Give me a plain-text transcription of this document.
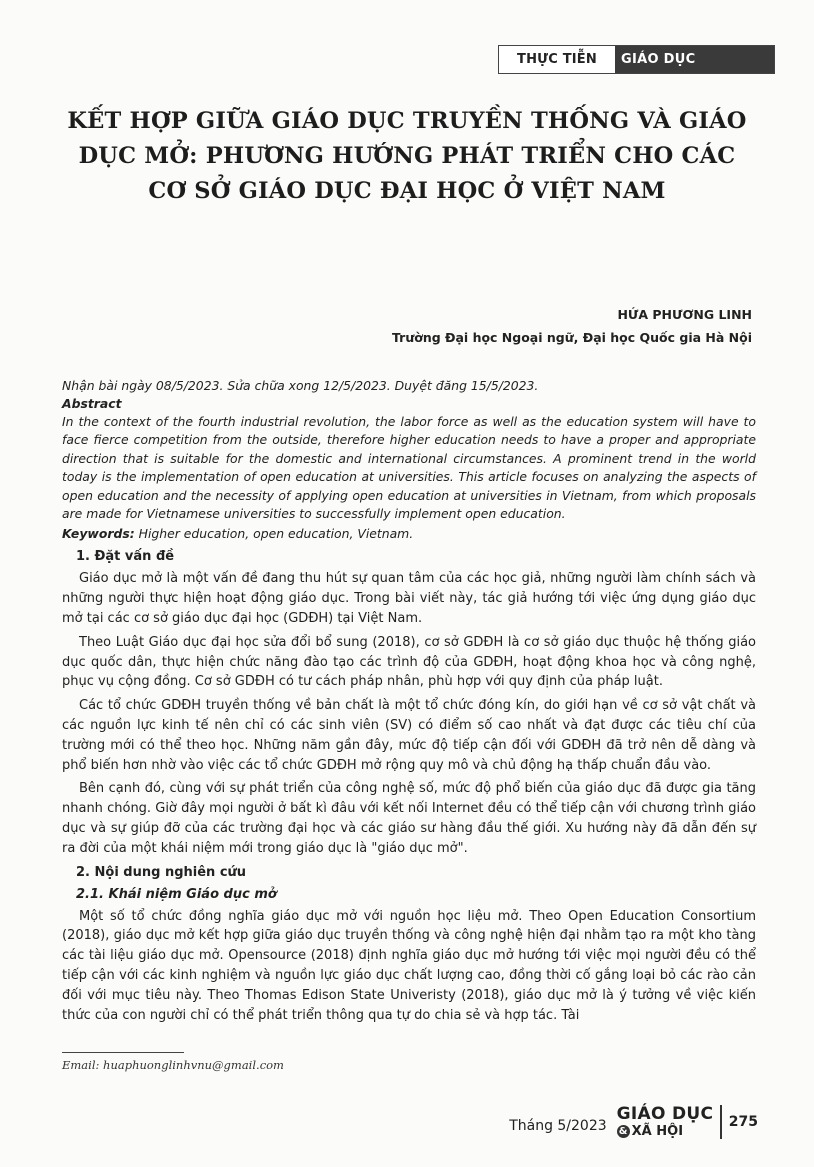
THỰC TIỄN	GIÁO DỤC
KẾT HỢP GIỮA GIÁO DỤC TRUYỀN THỐNG VÀ GIÁO DỤC MỞ: PHƯƠNG HƯỚNG PHÁT TRIỂN CHO CÁC CƠ SỞ GIÁO DỤC ĐẠI HỌC Ở VIỆT NAM
HỨA PHƯƠNG LINH
Trường Đại học Ngoại ngữ, Đại học Quốc gia Hà Nội

Nhận bài ngày 08/5/2023. Sửa chữa xong 12/5/2023. Duyệt đăng 15/5/2023.

Abstract

In the context of the fourth industrial revolution, the labor force as well as the education system will have to face fierce competition from the outside, therefore higher education needs to have a proper and appropriate direction that is suitable for the domestic and international circumstances. A prominent trend in the world today is the implementation of open education at universities. This article focuses on analyzing the aspects of open education and the necessity of applying open education at universities in Vietnam, from which proposals are made for Vietnamese universities to successfully implement open education.

Keywords: Higher education, open education, Vietnam.

1. Đặt vấn đề

Giáo dục mở là một vấn đề đang thu hút sự quan tâm của các học giả, những người làm chính sách và những người thực hiện hoạt động giáo dục. Trong bài viết này, tác giả hướng tới việc ứng dụng giáo dục mở tại các cơ sở giáo dục đại học (GDĐH) tại Việt Nam.

Theo Luật Giáo dục đại học sửa đổi bổ sung (2018), cơ sở GDĐH là cơ sở giáo dục thuộc hệ thống giáo dục quốc dân, thực hiện chức năng đào tạo các trình độ của GDĐH, hoạt động khoa học và công nghệ, phục vụ cộng đồng. Cơ sở GDĐH có tư cách pháp nhân, phù hợp với quy định của pháp luật.

Các tổ chức GDĐH truyền thống về bản chất là một tổ chức đóng kín, do giới hạn về cơ sở vật chất và các nguồn lực kinh tế nên chỉ có các sinh viên (SV) có điểm số cao nhất và đạt được các tiêu chí của trường mới có thể theo học. Những năm gần đây, mức độ tiếp cận đối với GDĐH đã trở nên dễ dàng và phổ biến hơn nhờ vào việc các tổ chức GDĐH mở rộng quy mô và chủ động hạ thấp chuẩn đầu vào.

Bên cạnh đó, cùng với sự phát triển của công nghệ số, mức độ phổ biến của giáo dục đã được gia tăng nhanh chóng. Giờ đây mọi người ở bất kì đâu với kết nối Internet đều có thể tiếp cận với chương trình giáo dục và sự giúp đỡ của các trường đại học và các giáo sư hàng đầu thế giới. Xu hướng này đã dẫn đến sự ra đời của một khái niệm mới trong giáo dục là "giáo dục mở".

2. Nội dung nghiên cứu
2.1. Khái niệm Giáo dục mở

Một số tổ chức đồng nghĩa giáo dục mở với nguồn học liệu mở. Theo Open Education Consortium (2018), giáo dục mở kết hợp giữa giáo dục truyền thống và công nghệ hiện đại nhằm tạo ra một kho tàng các tài liệu giáo dục mở. Opensource (2018) định nghĩa giáo dục mở hướng tới việc mọi người đều có thể tiếp cận với các kinh nghiệm và nguồn lực giáo dục chất lượng cao, đồng thời cố gắng loại bỏ các rào cản đối với mục tiêu này. Theo Thomas Edison State Univeristy (2018), giáo dục mở là ý tưởng về việc kiến thức của con người chỉ có thể phát triển thông qua tự do chia sẻ và hợp tác. Tài

Email: huaphuonglinhvnu@gmail.com
Tháng 5/2023
GIÁO DỤC
& XÃ HỘI
275
